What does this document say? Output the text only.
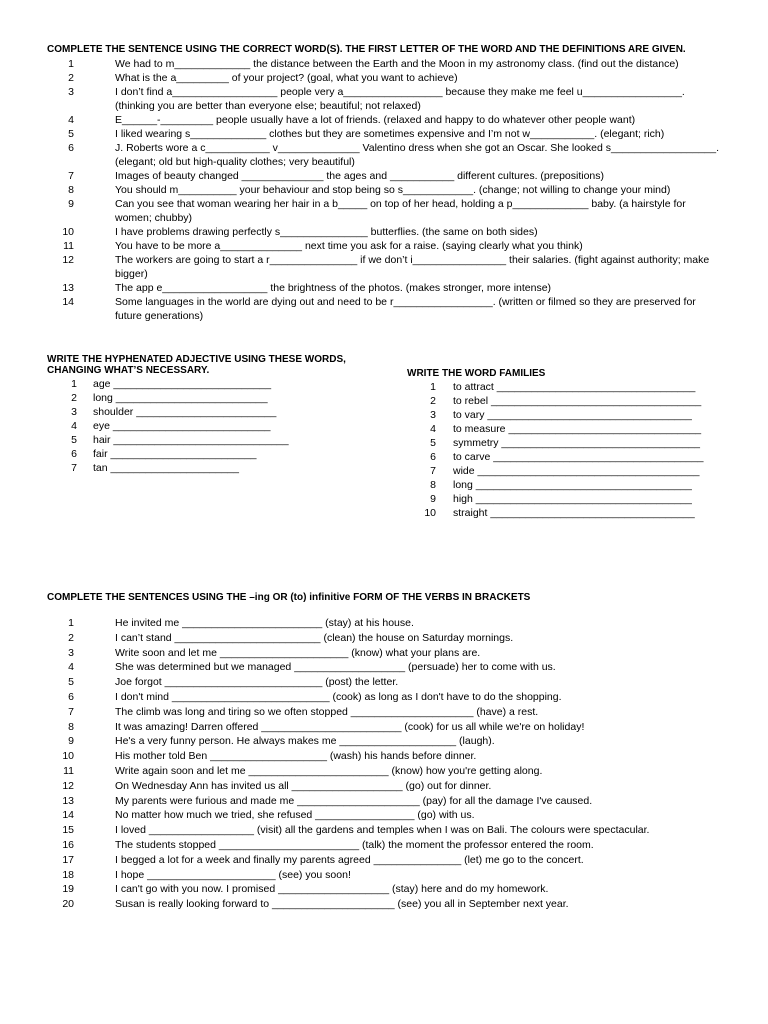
COMPLETE THE SENTENCE USING THE CORRECT WORD(S). THE FIRST LETTER OF THE WORD AND THE DEFINITIONS ARE GIVEN.
1	We had to m_____________ the distance between the Earth and the Moon in my astronomy class. (find out the distance)
2	What is the a_________ of your project? (goal, what you want to achieve)
3	I don’t find a__________________ people very a_________________ because they make me feel u_________________. (thinking you are better than everyone else; beautiful; not relaxed)
4	E______-_________ people usually have a lot of friends. (relaxed and happy to do whatever other people want)
5	I liked wearing s_____________ clothes but they are sometimes expensive and I’m not w___________. (elegant; rich)
6	J. Roberts wore a c___________ v______________ Valentino dress when she got an Oscar. She looked s__________________. (elegant; old but high-quality clothes; very beautiful)
7	Images of beauty changed ______________ the ages and ___________ different cultures. (prepositions)
8	You should m__________ your behaviour and stop being so s____________. (change; not willing to change your mind)
9	Can you see that woman wearing her hair in a b_____ on top of her head, holding a p_____________ baby. (a hairstyle for women; chubby)
10	I have problems drawing perfectly s_______________ butterflies. (the same on both sides)
11	You have to be more a______________ next time you ask for a raise. (saying clearly what you think)
12	The workers are going to start a r_______________ if we don’t i________________ their salaries. (fight against authority; make bigger)
13	The app e__________________ the brightness of the photos. (makes stronger, more intense)
14	Some languages in the world are dying out and need to be r_________________. (written or filmed so they are preserved for future generations)
WRITE THE HYPHENATED ADJECTIVE USING THESE WORDS,
CHANGING WHAT’S NECESSARY.
1 age ___________________________
2 long __________________________
3 shoulder ________________________
4 eye ___________________________
5 hair ______________________________
6 fair _________________________
7 tan ______________________
WRITE THE WORD FAMILIES
1 to attract __________________________________
2 to rebel ____________________________________
3 to vary ___________________________________
4 to measure _________________________________
5 symmetry __________________________________
6 to carve ____________________________________
7 wide ______________________________________
8 long _____________________________________
9 high _____________________________________
10 straight ___________________________________
COMPLETE THE SENTENCES USING THE –ing OR (to) infinitive FORM OF THE VERBS IN BRACKETS
1	He invited me ________________________ (stay) at his house.
2	I can’t stand _________________________ (clean) the house on Saturday mornings.
3	Write soon and let me ______________________ (know) what your plans are.
4	She was determined but we managed ___________________ (persuade) her to come with us.
5	Joe forgot ___________________________ (post) the letter.
6	I don't mind ___________________________ (cook) as long as I don't have to do the shopping.
7	The climb was long and tiring so we often stopped _____________________ (have) a rest.
8	It was amazing! Darren offered ________________________ (cook) for us all while we're on holiday!
9	He's a very funny person. He always makes me ____________________ (laugh).
10	His mother told Ben ____________________ (wash) his hands before dinner.
11	Write again soon and let me ________________________ (know) how you're getting along.
12	On Wednesday Ann has invited us all ___________________ (go) out for dinner.
13	My parents were furious and made me _____________________ (pay) for all the damage I've caused.
14	No matter how much we tried, she refused _________________ (go) with us.
15	I loved __________________ (visit) all the gardens and temples when I was on Bali. The colours were spectacular.
16	The students stopped ________________________ (talk) the moment the professor entered the room.
17	I begged a lot for a week and finally my parents agreed _______________ (let) me go to the concert.
18	I hope ______________________ (see) you soon!
19	I can't go with you now. I promised ___________________ (stay) here and do my homework.
20	Susan is really looking forward to _____________________ (see) you all in September next year.
